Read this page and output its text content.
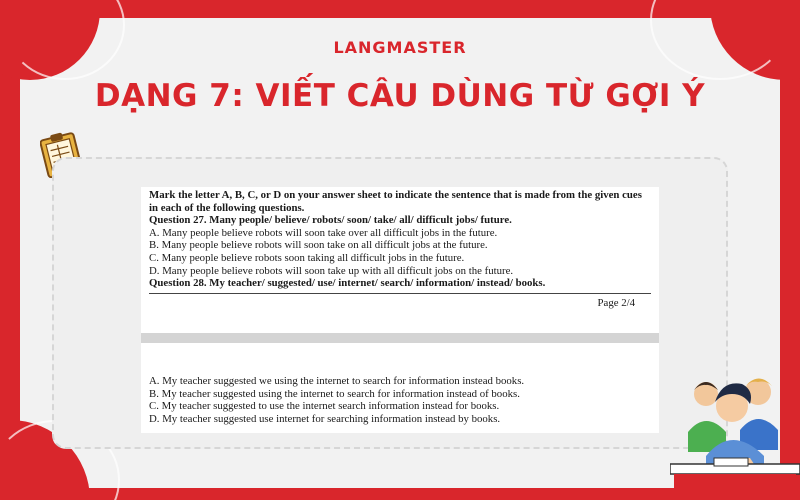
LANGMASTER
DẠNG 7: VIẾT CÂU DÙNG TỪ GỢI Ý
Mark the letter A, B, C, or D on your answer sheet to indicate the sentence that is made from the given cues in each of the following questions.
Question 27. Many people/ believe/ robots/ soon/ take/ all/ difficult jobs/ future.
A. Many people believe robots will soon take over all difficult jobs in the future.
B. Many people believe robots will soon take on all difficult jobs at the future.
C. Many people believe robots soon taking all difficult jobs in the future.
D. Many people believe robots will soon take up with all difficult jobs on the future.
Question 28. My teacher/ suggested/ use/ internet/ search/ information/ instead/ books.
Page 2/4
A. My teacher suggested we using the internet to search for information instead books.
B. My teacher suggested using the internet to search for information instead of books.
C. My teacher suggested to use the internet search information instead for books.
D. My teacher suggested use internet for searching information instead by books.
